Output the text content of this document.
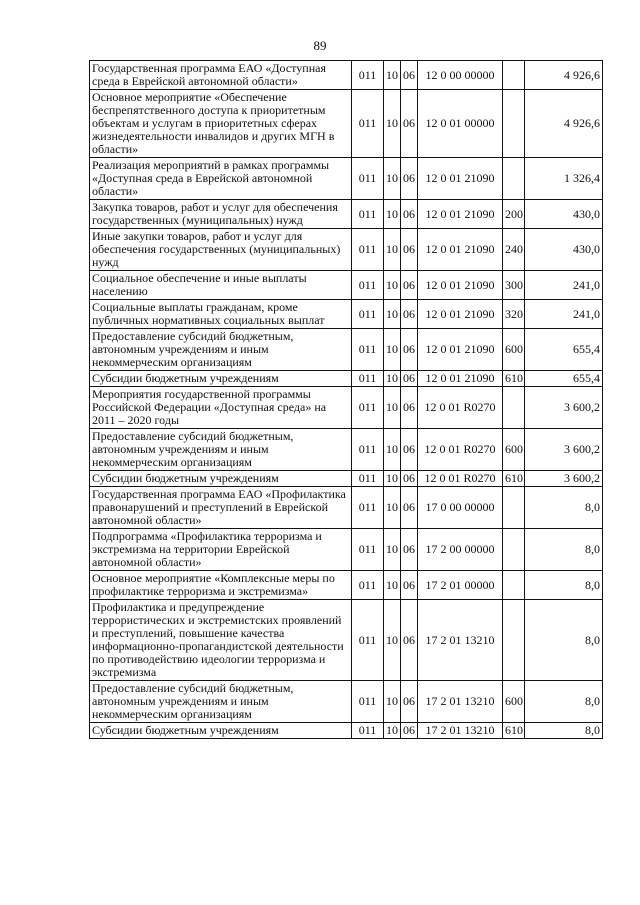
89
Государственная программа ЕАО «Доступная среда в Еврейской автономной области»	011	10	06	12 0 00 00000		4 926,6
Основное мероприятие «Обеспечение беспрепятственного доступа к приоритетным объектам и услугам в приоритетных сферах жизнедеятельности инвалидов и других МГН в области»	011	10	06	12 0 01 00000		4 926,6
Реализация мероприятий в рамках программы «Доступная среда в Еврейской автономной области»	011	10	06	12 0 01 21090		1 326,4
Закупка товаров, работ и услуг для обеспечения государственных (муниципальных) нужд	011	10	06	12 0 01 21090	200	430,0
Иные закупки товаров, работ и услуг для обеспечения государственных (муниципальных) нужд	011	10	06	12 0 01 21090	240	430,0
Социальное обеспечение и иные выплаты населению	011	10	06	12 0 01 21090	300	241,0
Социальные выплаты гражданам, кроме публичных нормативных социальных выплат	011	10	06	12 0 01 21090	320	241,0
Предоставление субсидий бюджетным, автономным учреждениям и иным некоммерческим организациям	011	10	06	12 0 01 21090	600	655,4
Субсидии бюджетным учреждениям	011	10	06	12 0 01 21090	610	655,4
Мероприятия государственной программы Российской Федерации «Доступная среда» на 2011 – 2020 годы	011	10	06	12 0 01 R0270		3 600,2
Предоставление субсидий бюджетным, автономным учреждениям и иным некоммерческим организациям	011	10	06	12 0 01 R0270	600	3 600,2
Субсидии бюджетным учреждениям	011	10	06	12 0 01 R0270	610	3 600,2
Государственная программа ЕАО «Профилактика правонарушений и преступлений в Еврейской автономной области»	011	10	06	17 0 00 00000		8,0
Подпрограмма «Профилактика терроризма и экстремизма на территории Еврейской автономной области»	011	10	06	17 2 00 00000		8,0
Основное мероприятие «Комплексные меры по профилактике терроризма и экстремизма»	011	10	06	17 2 01 00000		8,0
Профилактика и предупреждение террористических и экстремистских проявлений и преступлений, повышение качества информационно-пропагандистской деятельности по противодействию идеологии терроризма и экстремизма	011	10	06	17 2 01 13210		8,0
Предоставление субсидий бюджетным, автономным учреждениям и иным некоммерческим организациям	011	10	06	17 2 01 13210	600	8,0
Субсидии бюджетным учреждениям	011	10	06	17 2 01 13210	610	8,0
